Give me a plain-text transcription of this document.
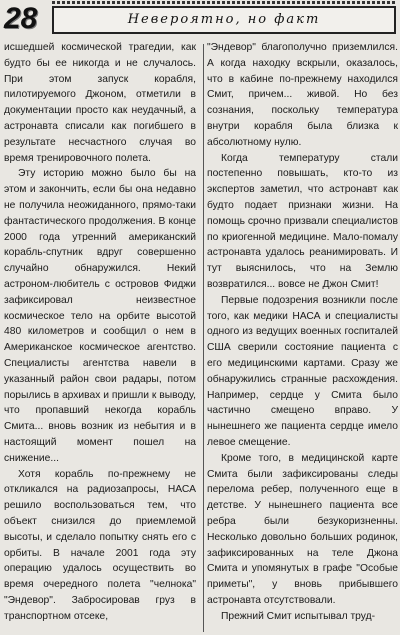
28	Невероятно, но факт

исшедшей космической трагедии, как будто бы ее никогда и не случалось. При этом запуск корабля, пилотируемого Джоном, отметили в документации просто как неудачный, а астронавта списали как погибшего в результате несчастного случая во время тренировочного полета.

Эту историю можно было бы на этом и закончить, если бы она недавно не получила неожиданного, прямо-таки фантастического продолжения. В конце 2000 года утренний американский корабль-спутник вдруг совершенно случайно обнаружился. Некий астроном-любитель с островов Фиджи зафиксировал неизвестное космическое тело на орбите высотой 480 километров и сообщил о нем в Американское космическое агентство. Специалисты агентства навели в указанный район свои радары, потом порылись в архивах и пришли к выводу, что пропавший некогда корабль Смита... вновь возник из небытия и в настоящий момент пошел на снижение...

Хотя корабль по-прежнему не откликался на радиозапросы, НАСА решило воспользоваться тем, что объект снизился до приемлемой высоты, и сделало попытку снять его с орбиты. В начале 2001 года эту операцию удалось осуществить во время очередного полета "челнока" "Эндевор". Забросировав груз в транспортном отсеке,

"Эндевор" благополучно приземлился. А когда находку вскрыли, оказалось, что в кабине по-прежнему находился Смит, причем... живой. Но без сознания, поскольку температура внутри корабля была близка к абсолютному нулю.

Когда температуру стали постепенно повышать, кто-то из экспертов заметил, что астронавт как будто подает признаки жизни. На помощь срочно призвали специалистов по криогенной медицине. Мало-помалу астронавта удалось реанимировать. И тут выяснилось, что на Землю возвратился... вовсе не Джон Смит!

Первые подозрения возникли после того, как медики НАСА и специалисты одного из ведущих военных госпиталей США сверили состояние пациента с его медицинскими картами. Сразу же обнаружились странные расхождения. Например, сердце у Смита было частично смещено вправо. У нынешнего же пациента сердце имело левое смещение.

Кроме того, в медицинской карте Смита были зафиксированы следы перелома ребер, полученного еще в детстве. У нынешнего пациента все ребра были безукоризненны. Несколько довольно больших родинок, зафиксированных на теле Джона Смита и упомянутых в графе "Особые приметы", у вновь прибывшего астронавта отсутствовали.

Прежний Смит испытывал труд-
